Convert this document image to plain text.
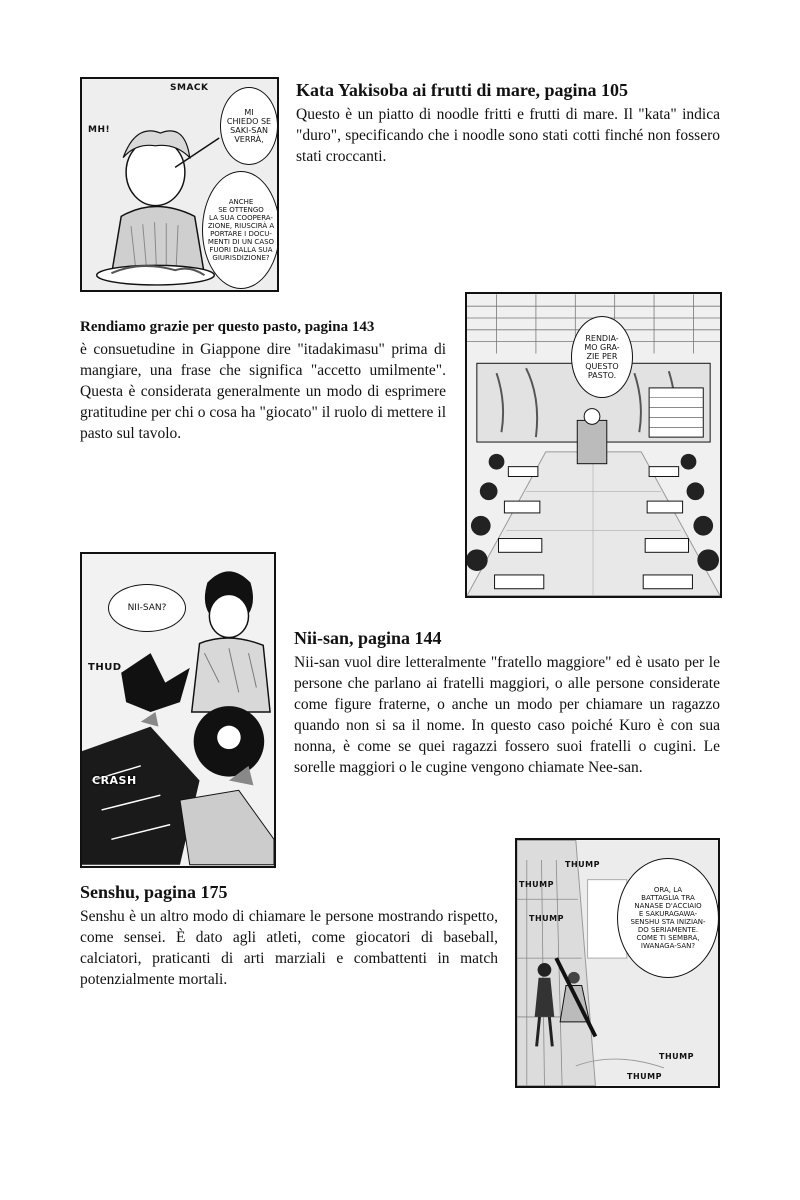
SMACK
MH!
MI
CHIEDO SE
SAKI-SAN
VERRÀ,
ANCHE
SE OTTENGO
LA SUA COOPERA-
ZIONE, RIUSCIRÀ A
PORTARE I DOCU-
MENTI DI UN CASO
FUORI DALLA SUA
GIURISDIZIONE?
Kata Yakisoba ai frutti di mare, pagina 105

Questo è un piatto di noodle fritti e frutti di mare. Il "kata" indica "duro", specificando che i noodle sono stati cotti finché non fossero stati croccanti.

Rendiamo grazie per questo pasto, pagina 143

è consuetudine in Giappone dire "itadakimasu" prima di mangiare, una frase che significa "accetto umilmente". Questa è considerata generalmente un modo di esprimere gratitudine per chi o cosa ha "giocato" il ruolo di mettere il pasto sul tavolo.

RENDIA-
MO GRA-
ZIE PER
QUESTO
PASTO.
NII-SAN?
THUD
CRASH
Nii-san, pagina 144

Nii-san vuol dire letteralmente "fratello maggiore" ed è usato per le persone che parlano ai fratelli maggiori, o alle persone considerate come figure fraterne, o anche un modo per chiamare un ragazzo quando non si sa il nome. In questo caso poiché Kuro è con sua nonna, è come se quei ragazzi fossero suoi fratelli o cugini. Le sorelle maggiori o le cugine vengono chiamate Nee-san.

Senshu, pagina 175

Senshu è un altro modo di chiamare le persone mostrando rispetto, come sensei. È dato agli atleti, come giocatori di baseball, calciatori, praticanti di arti marziali e combattenti in match potenzialmente mortali.

ORA, LA
BATTAGLIA TRA
NANASE D'ACCIAIO
E SAKURAGAWA-
SENSHU STA INIZIAN-
DO SERIAMENTE.
COME TI SEMBRA,
IWANAGA-SAN?
THUMP
THUMP
THUMP
THUMP
THUMP
